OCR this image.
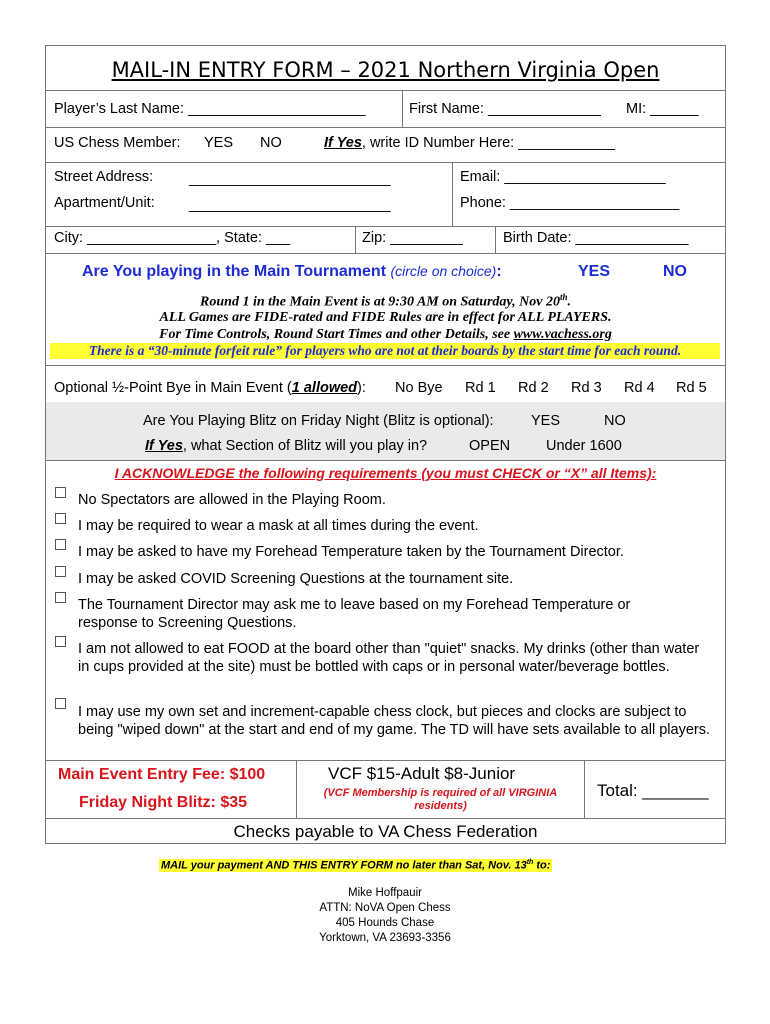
MAIL-IN ENTRY FORM – 2021 Northern Virginia Open
Player’s Last Name: ______________________	First Name: ______________ MI: ______
US Chess Member: YES NO	If Yes, write ID Number Here: ____________
Street Address: _________________________	Email: ____________________
Apartment/Unit: _________________________	Phone: _____________________
City: ________________, State: ___	Zip: _________	Birth Date: ______________
Are You playing in the Main Tournament (circle on choice):	YES	NO
Round 1 in the Main Event is at 9:30 AM on Saturday, Nov 20th.
ALL Games are FIDE-rated and FIDE Rules are in effect for ALL PLAYERS.
For Time Controls, Round Start Times and other Details, see www.vachess.org
There is a “30-minute forfeit rule” for players who are not at their boards by the start time for each round.
Optional ½-Point Bye in Main Event (1 allowed): No Bye Rd 1 Rd 2 Rd 3 Rd 4 Rd 5
Are You Playing Blitz on Friday Night (Blitz is optional):	YES	NO
If Yes, what Section of Blitz will you play in?	OPEN Under 1600
I ACKNOWLEDGE the following requirements (you must CHECK or “X” all Items):
No Spectators are allowed in the Playing Room.
I may be required to wear a mask at all times during the event.
I may be asked to have my Forehead Temperature taken by the Tournament Director.
I may be asked COVID Screening Questions at the tournament site.
The Tournament Director may ask me to leave based on my Forehead Temperature or response to Screening Questions.
I am not allowed to eat FOOD at the board other than "quiet" snacks. My drinks (other than water in cups provided at the site) must be bottled with caps or in personal water/beverage bottles.
I may use my own set and increment-capable chess clock, but pieces and clocks are subject to being "wiped down" at the start and end of my game. The TD will have sets available to all players.
Main Event Entry Fee: $100
Friday Night Blitz: $35
VCF $15-Adult $8-Junior
(VCF Membership is required of all VIRGINIA residents)
Total: _______
Checks payable to VA Chess Federation
MAIL your payment AND THIS ENTRY FORM no later than Sat, Nov. 13th to:
Mike Hoffpauir
ATTN: NoVA Open Chess
405 Hounds Chase
Yorktown, VA 23693-3356
